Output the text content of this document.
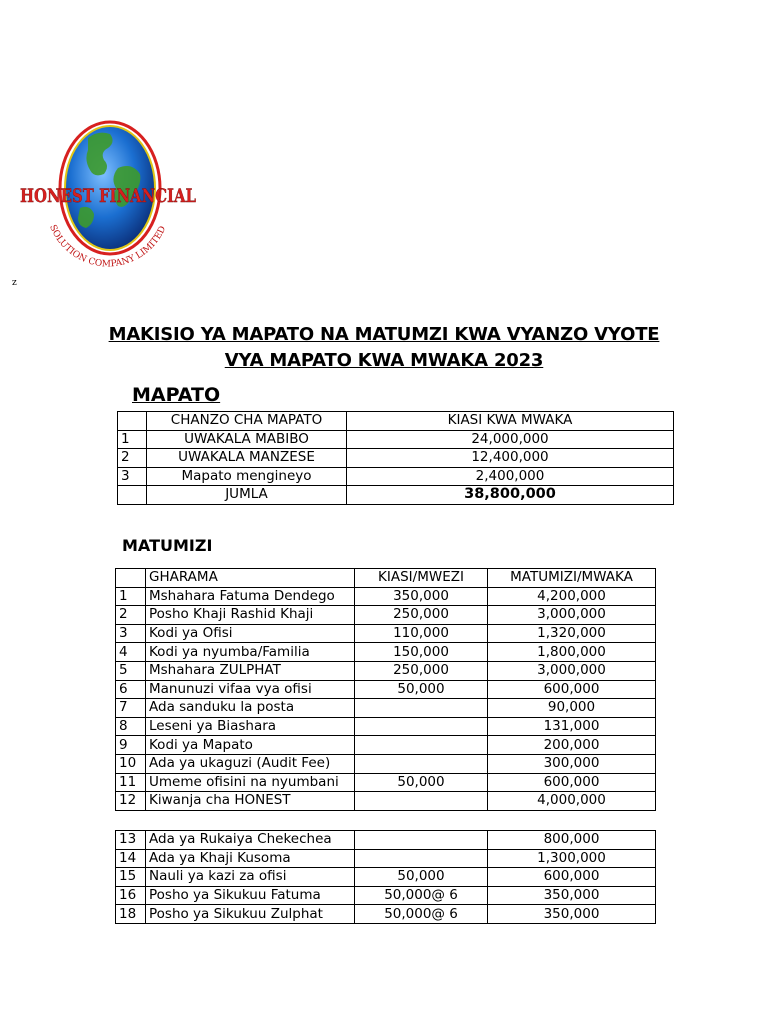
HONEST FINANCIAL
SOLUTION COMPANY LIMITED
z
MAKISIO YA MAPATO NA MATUMZI KWA VYANZO VYOTE
VYA MAPATO KWA MWAKA 2023
MAPATO
	CHANZO CHA MAPATO	KIASI KWA MWAKA
1	UWAKALA MABIBO	24,000,000
2	UWAKALA MANZESE	12,400,000
3	Mapato mengineyo	2,400,000
	JUMLA	38,800,000
MATUMIZI
	GHARAMA	KIASI/MWEZI	MATUMIZI/MWAKA
1	Mshahara Fatuma Dendego	350,000	4,200,000
2	Posho Khaji Rashid Khaji	250,000	3,000,000
3	Kodi ya Ofisi	110,000	1,320,000
4	Kodi ya nyumba/Familia	150,000	1,800,000
5	Mshahara ZULPHAT	250,000	3,000,000
6	Manunuzi vifaa vya ofisi	50,000	600,000
7	Ada sanduku la posta		90,000
8	Leseni ya Biashara		131,000
9	Kodi ya Mapato		200,000
10	Ada ya ukaguzi (Audit Fee)		300,000
11	Umeme ofisini na nyumbani	50,000	600,000
12	Kiwanja cha HONEST		4,000,000
13	Ada ya Rukaiya Chekechea		800,000
14	Ada ya Khaji Kusoma		1,300,000
15	Nauli ya kazi za ofisi	50,000	600,000
16	Posho ya Sikukuu Fatuma	50,000@ 6	350,000
18	Posho ya Sikukuu Zulphat	50,000@ 6	350,000
